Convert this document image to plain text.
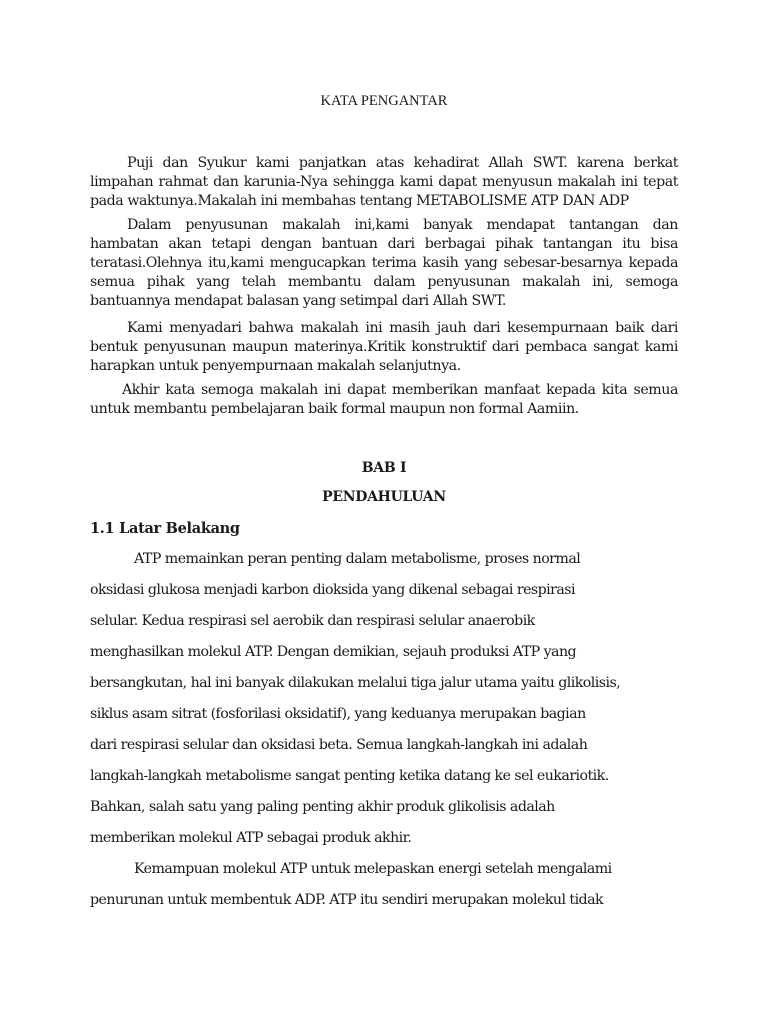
KATA PENGANTAR

Puji dan Syukur kami panjatkan atas kehadirat Allah SWT. karena berkat limpahan rahmat dan karunia-Nya sehingga kami dapat menyusun makalah ini tepat pada waktunya.Makalah ini membahas tentang METABOLISME ATP DAN ADP

Dalam penyusunan makalah ini,kami banyak mendapat tantangan dan hambatan akan tetapi dengan bantuan dari berbagai pihak tantangan itu bisa teratasi.Olehnya itu,kami mengucapkan terima kasih yang sebesar-besarnya kepada semua pihak yang telah membantu dalam penyusunan makalah ini, semoga bantuannya mendapat balasan yang setimpal dari Allah SWT.

Kami menyadari bahwa makalah ini masih jauh dari kesempurnaan baik dari bentuk penyusunan maupun materinya.Kritik konstruktif dari pembaca sangat kami harapkan untuk penyempurnaan makalah selanjutnya.

Akhir kata semoga makalah ini dapat memberikan manfaat kepada kita semua untuk membantu pembelajaran baik formal maupun non formal Aamiin.

BAB I
PENDAHULUAN
1.1 Latar Belakang
ATP memainkan peran penting dalam metabolisme, proses normal
oksidasi glukosa menjadi karbon dioksida yang dikenal sebagai respirasi
selular. Kedua respirasi sel aerobik dan respirasi selular anaerobik
menghasilkan molekul ATP. Dengan demikian, sejauh produksi ATP yang
bersangkutan, hal ini banyak dilakukan melalui tiga jalur utama yaitu glikolisis,
siklus asam sitrat (fosforilasi oksidatif), yang keduanya merupakan bagian
dari respirasi selular dan oksidasi beta. Semua langkah-langkah ini adalah
langkah-langkah metabolisme sangat penting ketika datang ke sel eukariotik.
Bahkan, salah satu yang paling penting akhir produk glikolisis adalah
memberikan molekul ATP sebagai produk akhir.
Kemampuan molekul ATP untuk melepaskan energi setelah mengalami
penurunan untuk membentuk ADP. ATP itu sendiri merupakan molekul tidak
